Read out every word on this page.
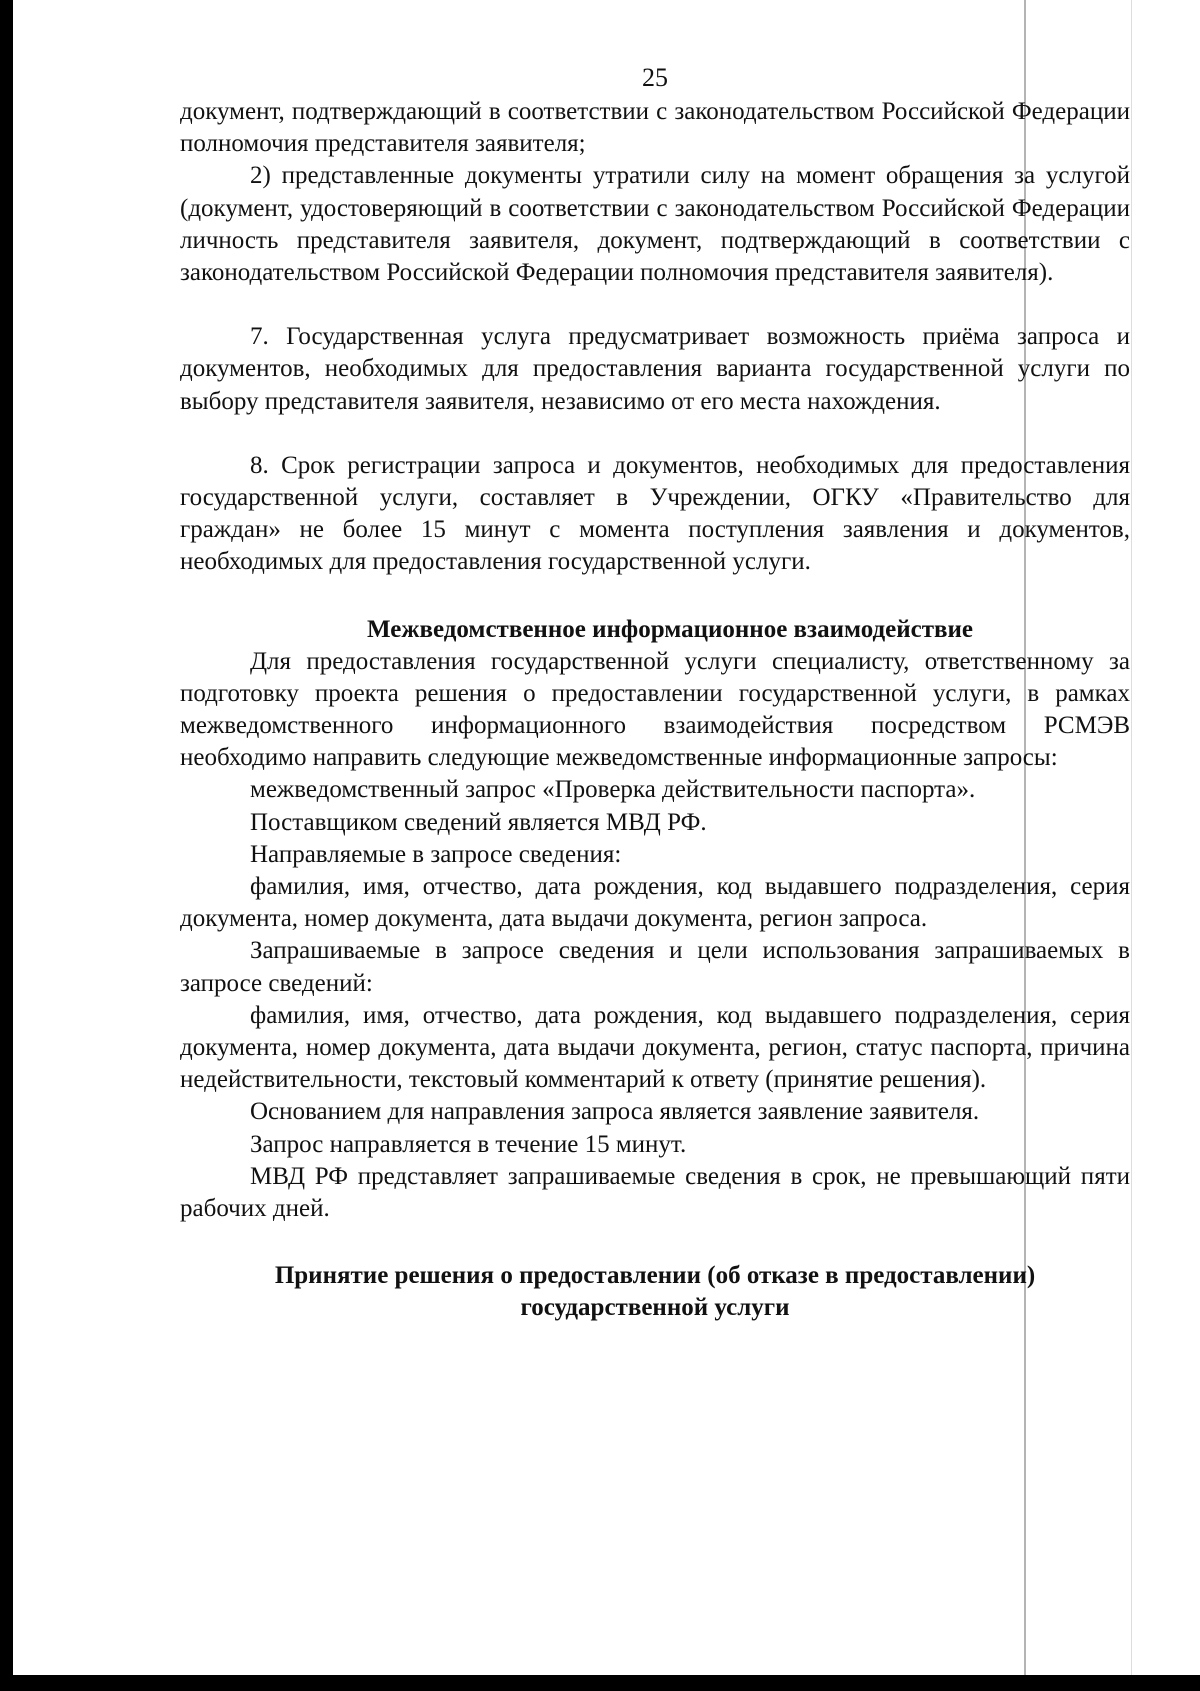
25

документ, подтверждающий в соответствии с законодательством Российской Федерации полномочия представителя заявителя;

2) представленные документы утратили силу на момент обращения за услугой (документ, удостоверяющий в соответствии с законодательством Российской Федерации личность представителя заявителя, документ, подтверждающий в соответствии с законодательством Российской Федерации полномочия представителя заявителя).

7. Государственная услуга предусматривает возможность приёма запроса и документов, необходимых для предоставления варианта государственной услуги по выбору представителя заявителя, независимо от его места нахождения.

8. Срок регистрации запроса и документов, необходимых для предоставления государственной услуги, составляет в Учреждении, ОГКУ «Правительство для граждан» не более 15 минут с момента поступления заявления и документов, необходимых для предоставления государственной услуги.

Межведомственное информационное взаимодействие

Для предоставления государственной услуги специалисту, ответственному за подготовку проекта решения о предоставлении государственной услуги, в рамках межведомственного информационного взаимодействия посредством РСМЭВ необходимо направить следующие межведомственные информационные запросы:

межведомственный запрос «Проверка действительности паспорта».

Поставщиком сведений является МВД РФ.

Направляемые в запросе сведения:

фамилия, имя, отчество, дата рождения, код выдавшего подразделения, серия документа, номер документа, дата выдачи документа, регион запроса.

Запрашиваемые в запросе сведения и цели использования запрашиваемых в запросе сведений:

фамилия, имя, отчество, дата рождения, код выдавшего подразделения, серия документа, номер документа, дата выдачи документа, регион, статус паспорта, причина недействительности, текстовый комментарий к ответу (принятие решения).

Основанием для направления запроса является заявление заявителя.

Запрос направляется в течение 15 минут.

МВД РФ представляет запрашиваемые сведения в срок, не превышающий пяти рабочих дней.

Принятие решения о предоставлении (об отказе в предоставлении)
государственной услуги
